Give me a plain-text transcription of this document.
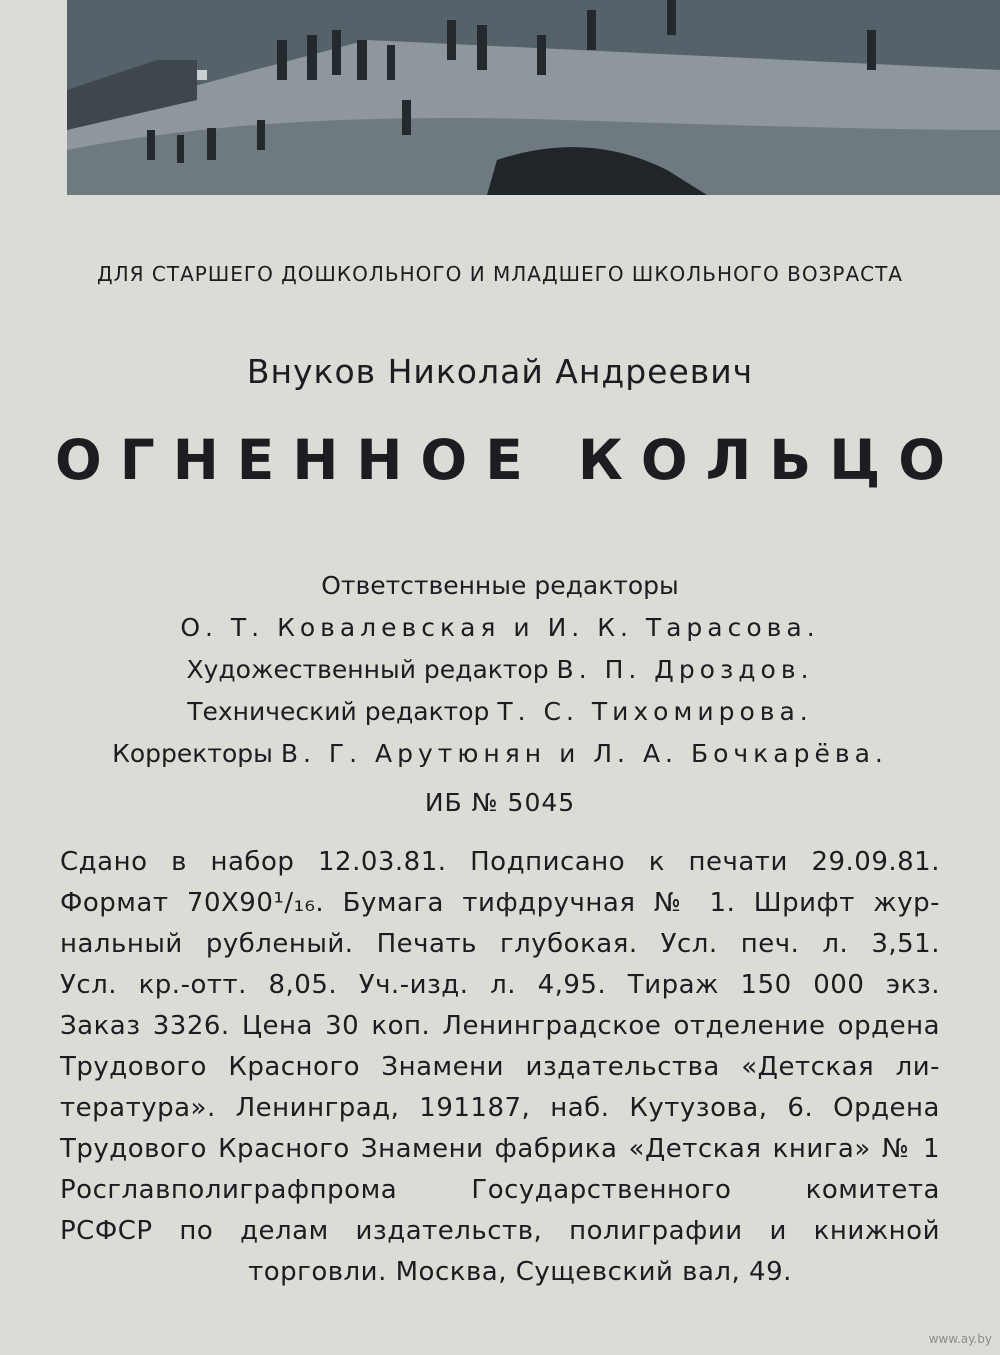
ДЛЯ СТАРШЕГО ДОШКОЛЬНОГО И МЛАДШЕГО ШКОЛЬНОГО ВОЗРАСТА
Внуков Николай Андреевич
ОГНЕННОЕ КОЛЬЦО
Ответственные редакторы
О. Т. Ковалевская и И. К. Тарасова.
Художественный редактор В. П. Дроздов.
Технический редактор Т. С. Тихомирова.
Корректоры В. Г. Арутюнян и Л. А. Бочкарёва.
ИБ № 5045
Сдано в набор 12.03.81. Подписано к печати 29.09.81.
Формат 70X90¹/₁₆. Бумага тифдручная № 1. Шрифт жур-
нальный рубленый. Печать глубокая. Усл. печ. л. 3,51.
Усл. кр.-отт. 8,05. Уч.-изд. л. 4,95. Тираж 150 000 экз.
Заказ 3326. Цена 30 коп. Ленинградское отделение ордена
Трудового Красного Знамени издательства «Детская ли-
тература». Ленинград, 191187, наб. Кутузова, 6. Ордена
Трудового Красного Знамени фабрика «Детская книга» № 1
Росглавполиграфпрома Государственного комитета
РСФСР по делам издательств, полиграфии и книжной
торговли. Москва, Сущевский вал, 49.
www.ay.by
